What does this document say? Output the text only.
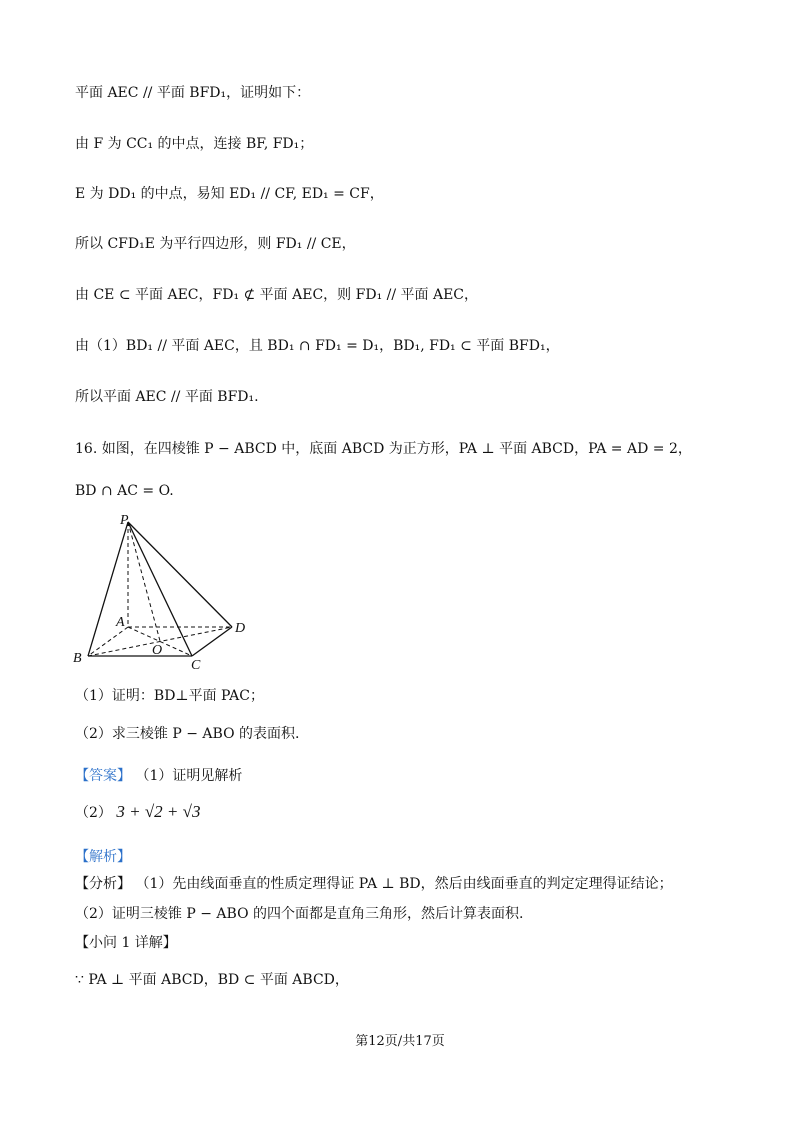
平面 AEC // 平面 BFD₁，证明如下：
由 F 为 CC₁ 的中点，连接 BF, FD₁；
E 为 DD₁ 的中点，易知 ED₁ // CF, ED₁ = CF，
所以 CFD₁E 为平行四边形，则 FD₁ // CE，
由 CE ⊂ 平面 AEC，FD₁ ⊄ 平面 AEC，则 FD₁ // 平面 AEC，
由（1）BD₁ // 平面 AEC，且 BD₁ ∩ FD₁ = D₁，BD₁, FD₁ ⊂ 平面 BFD₁，
所以平面 AEC // 平面 BFD₁.
16. 如图，在四棱锥 P − ABCD 中，底面 ABCD 为正方形，PA ⊥ 平面 ABCD，PA = AD = 2，
BD ∩ AC = O.
P
A	D
B
O
C
（1）证明：BD⊥平面 PAC；
（2）求三棱锥 P − ABO 的表面积.
【答案】 （1）证明见解析
（2） 3 + √2 + √3
【解析】
【分析】 （1）先由线面垂直的性质定理得证 PA ⊥ BD，然后由线面垂直的判定定理得证结论；
（2）证明三棱锥 P − ABO 的四个面都是直角三角形，然后计算表面积.
【小问 1 详解】
∵ PA ⊥ 平面 ABCD，BD ⊂ 平面 ABCD，
第12页/共17页
